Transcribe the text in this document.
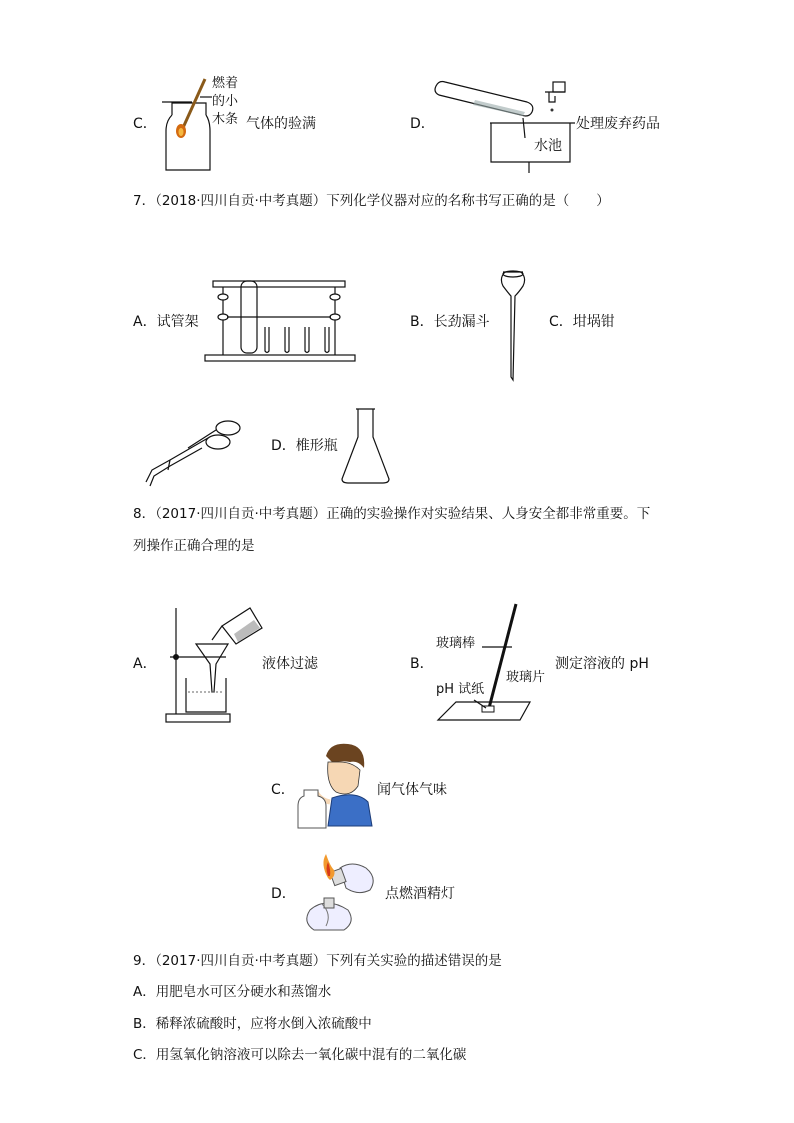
C．
燃着
的小
木条 气体的验满	D．
水池
处理废弃药品
7．（2018·四川自贡·中考真题）下列化学仪器对应的名称书写正确的是（　　）
A．试管架	B．长劲漏斗	C．坩埚钳
D．椎形瓶
8．（2017·四川自贡·中考真题）正确的实验操作对实验结果、人身安全都非常重要。下
列操作正确合理的是
A．	液体过滤	B．
玻璃棒
玻璃片
pH 试纸
测定溶液的 pH
C．	闻气体气味
D．	点燃酒精灯
9．（2017·四川自贡·中考真题）下列有关实验的描述错误的是
A．用肥皂水可区分硬水和蒸馏水
B．稀释浓硫酸时，应将水倒入浓硫酸中
C．用氢氧化钠溶液可以除去一氧化碳中混有的二氧化碳
